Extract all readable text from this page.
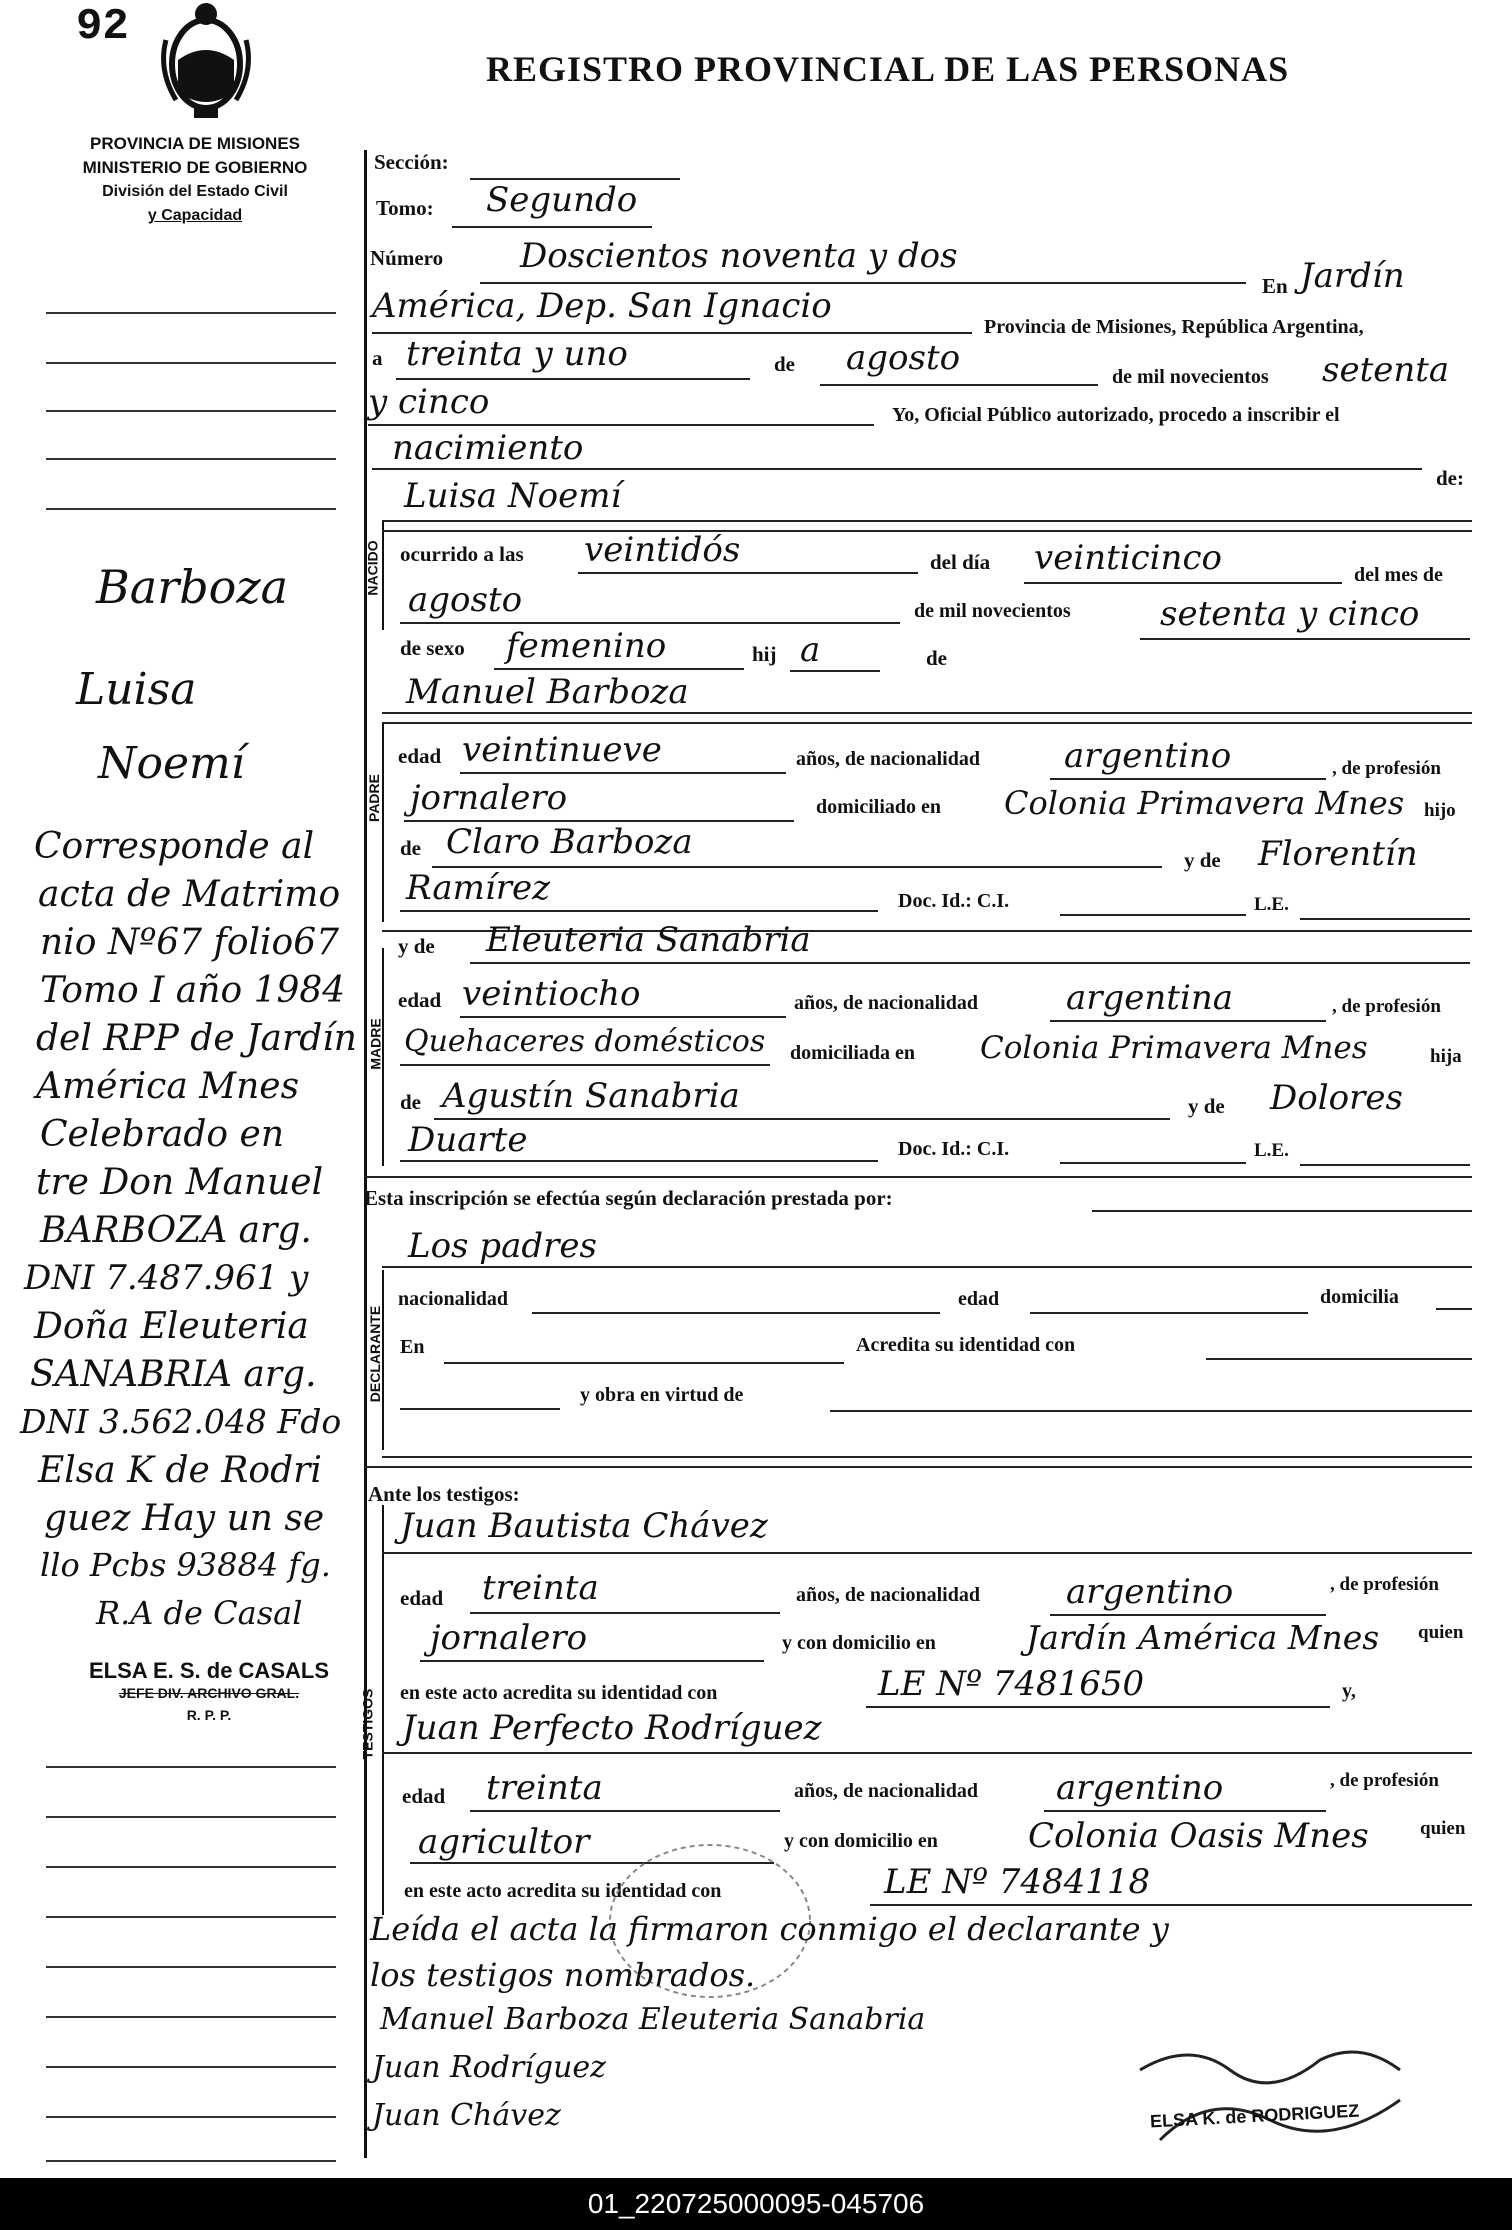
92
REGISTRO PROVINCIAL DE LAS PERSONAS
PROVINCIA DE MISIONES
MINISTERIO DE GOBIERNO
División del Estado Civil
y Capacidad
NACIDO
PADRE
MADRE
DECLARANTE
TESTIGOS
Sección:
Tomo: Segundo
Número Doscientos noventa y dos
En Jardín
América, Dep. San Ignacio
Provincia de Misiones, República Argentina,
a treinta y uno	de agosto	de mil novecientos setenta
y cinco	Yo, Oficial Público autorizado, procedo a inscribir el
nacimiento
de:
Luisa Noemí
ocurrido a las veintidós	del día veinticinco	del mes de
agosto	de mil novecientos	setenta y cinco
de sexo femenino	hij a	de
Manuel Barboza
edad veintinueve	años, de nacionalidad argentino	, de profesión
jornalero	domiciliado en Colonia Primavera Mnes hijo
de Claro Barboza	y de Florentín
Ramírez	Doc. Id.: C.I.	L.E.
y de Eleuteria Sanabria
edad veintiocho	años, de nacionalidad	argentina	, de profesión
Quehaceres domésticos domiciliada en Colonia Primavera Mnes	hija
de Agustín Sanabria	y de Dolores
Duarte	Doc. Id.: C.I.	L.E.
Esta inscripción se efectúa según declaración prestada por:
Los padres
nacionalidad	edad	domicilia
En	Acredita su identidad con
y obra en virtud de
Ante los testigos:
Juan Bautista Chávez
edad treinta	años, de nacionalidad	argentino	, de profesión
jornalero	y con domicilio en	Jardín América Mnes quien
en este acto acredita su identidad con	LE Nº 7481650	y,
Juan Perfecto Rodríguez
edad treinta	años, de nacionalidad argentino	, de profesión
agricultor	y con domicilio en	Colonia Oasis Mnes	quien
en este acto acredita su identidad con	LE Nº 7484118
Leída el acta la firmaron conmigo el declarante y
los testigos nombrados.
Manuel Barboza Eleuteria Sanabria
Juan Rodríguez
Juan Chávez	ELSA K. de RODRIGUEZ
Barboza
Luisa
Noemí
Corresponde al
acta de Matrimo
nio Nº67 folio67
Tomo I año 1984
del RPP de Jardín
América Mnes
Celebrado en
tre Don Manuel
BARBOZA arg.
DNI 7.487.961 y
Doña Eleuteria
SANABRIA arg.
DNI 3.562.048 Fdo
Elsa K de Rodri
guez Hay un se
llo Pcbs 93884 fg.
R.A de Casal
ELSA E. S. de CASALS
JEFE DIV. ARCHIVO GRAL.
R. P. P.
01_220725000095-045706
